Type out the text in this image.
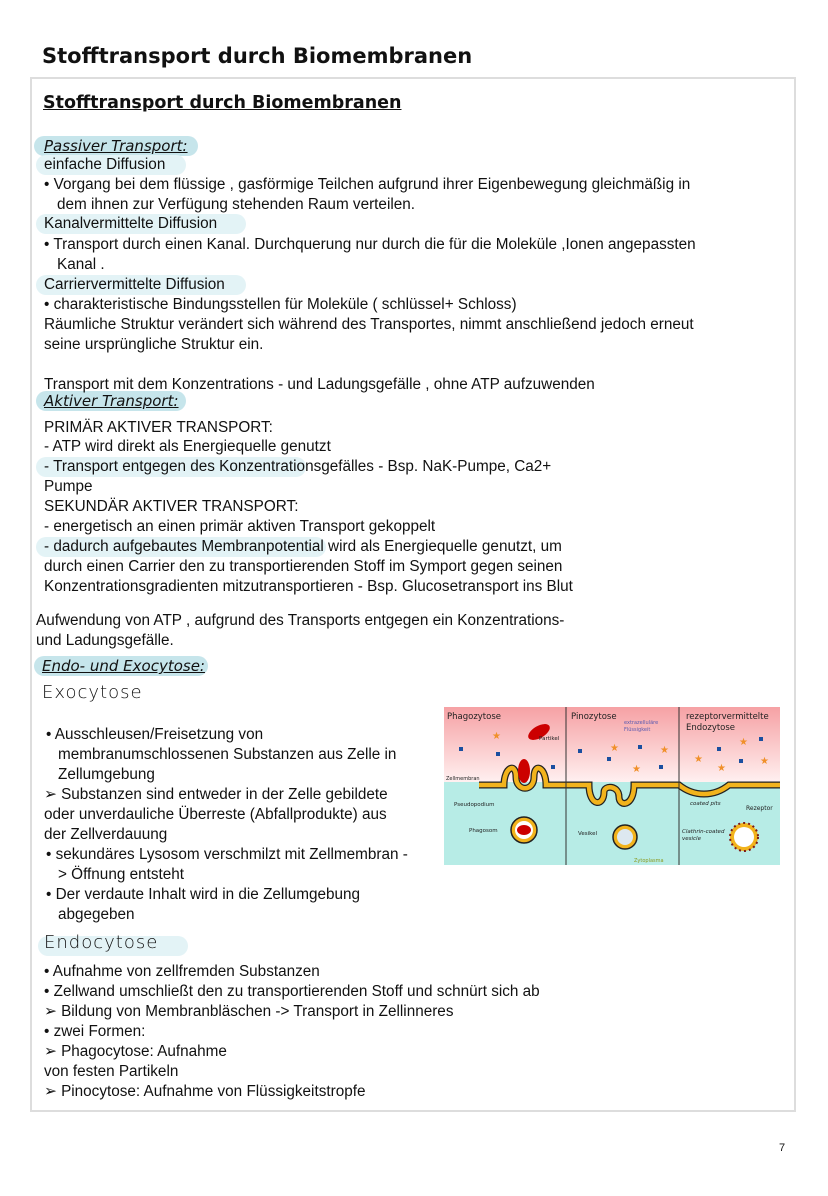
Stofftransport durch Biomembranen
Stofftransport durch Biomembranen
Passiver Transport:
einfache Diffusion
• Vorgang bei dem flüssige , gasförmige Teilchen aufgrund ihrer Eigenbewegung gleichmäßig in
dem ihnen zur Verfügung stehenden Raum verteilen.
Kanalvermittelte Diffusion
• Transport durch einen Kanal. Durchquerung nur durch die für die Moleküle ,Ionen angepassten
Kanal .
Carriervermittelte Diffusion
• charakteristische Bindungsstellen für Moleküle ( schlüssel+ Schloss)
Räumliche Struktur verändert sich während des Transportes, nimmt anschließend jedoch erneut
seine ursprüngliche Struktur ein.
Transport mit dem Konzentrations - und Ladungsgefälle , ohne ATP aufzuwenden
Aktiver Transport:
PRIMÄR AKTIVER TRANSPORT:
- ATP wird direkt als Energiequelle genutzt
- Transport entgegen des Konzentrationsgefälles - Bsp. NaK-Pumpe, Ca2+
Pumpe
SEKUNDÄR AKTIVER TRANSPORT:
- energetisch an einen primär aktiven Transport gekoppelt
- dadurch aufgebautes Membranpotential wird als Energiequelle genutzt, um
durch einen Carrier den zu transportierenden Stoff im Symport gegen seinen
Konzentrationsgradienten mitzutransportieren - Bsp. Glucosetransport ins Blut
Aufwendung von ATP , aufgrund des Transports entgegen ein Konzentrations-
und Ladungsgefälle.
Endo- und Exocytose:
Exocytose
• Ausschleusen/Freisetzung von
membranumschlossenen Substanzen aus Zelle in
Zellumgebung
➢ Substanzen sind entweder in der Zelle gebildete
oder unverdauliche Überreste (Abfallprodukte) aus
der Zellverdauung
• sekundäres Lysosom verschmilzt mit Zellmembran -
> Öffnung entsteht
• Der verdaute Inhalt wird in die Zellumgebung
abgegeben
Endocytose
• Aufnahme von zellfremden Substanzen
• Zellwand umschließt den zu transportierenden Stoff und schnürt sich ab
➢ Bildung von Membranbläschen -> Transport in Zellinneres
• zwei Formen:
➢ Phagocytose: Aufnahme
von festen Partikeln
➢ Pinocytose: Aufnahme von Flüssigkeitstropfe
★
★	★
★
★
★
★
★
Phagozytose	Pinozytose	rezeptorvermittelte
Endozytose
Partikel
extrazelluläre
Flüssigkeit
Zellmembran
Pseudopodium
Phagosom	Vesikel
coated pits
Rezeptor
Clathrin-coated
vesicle
Zytoplasma
7
